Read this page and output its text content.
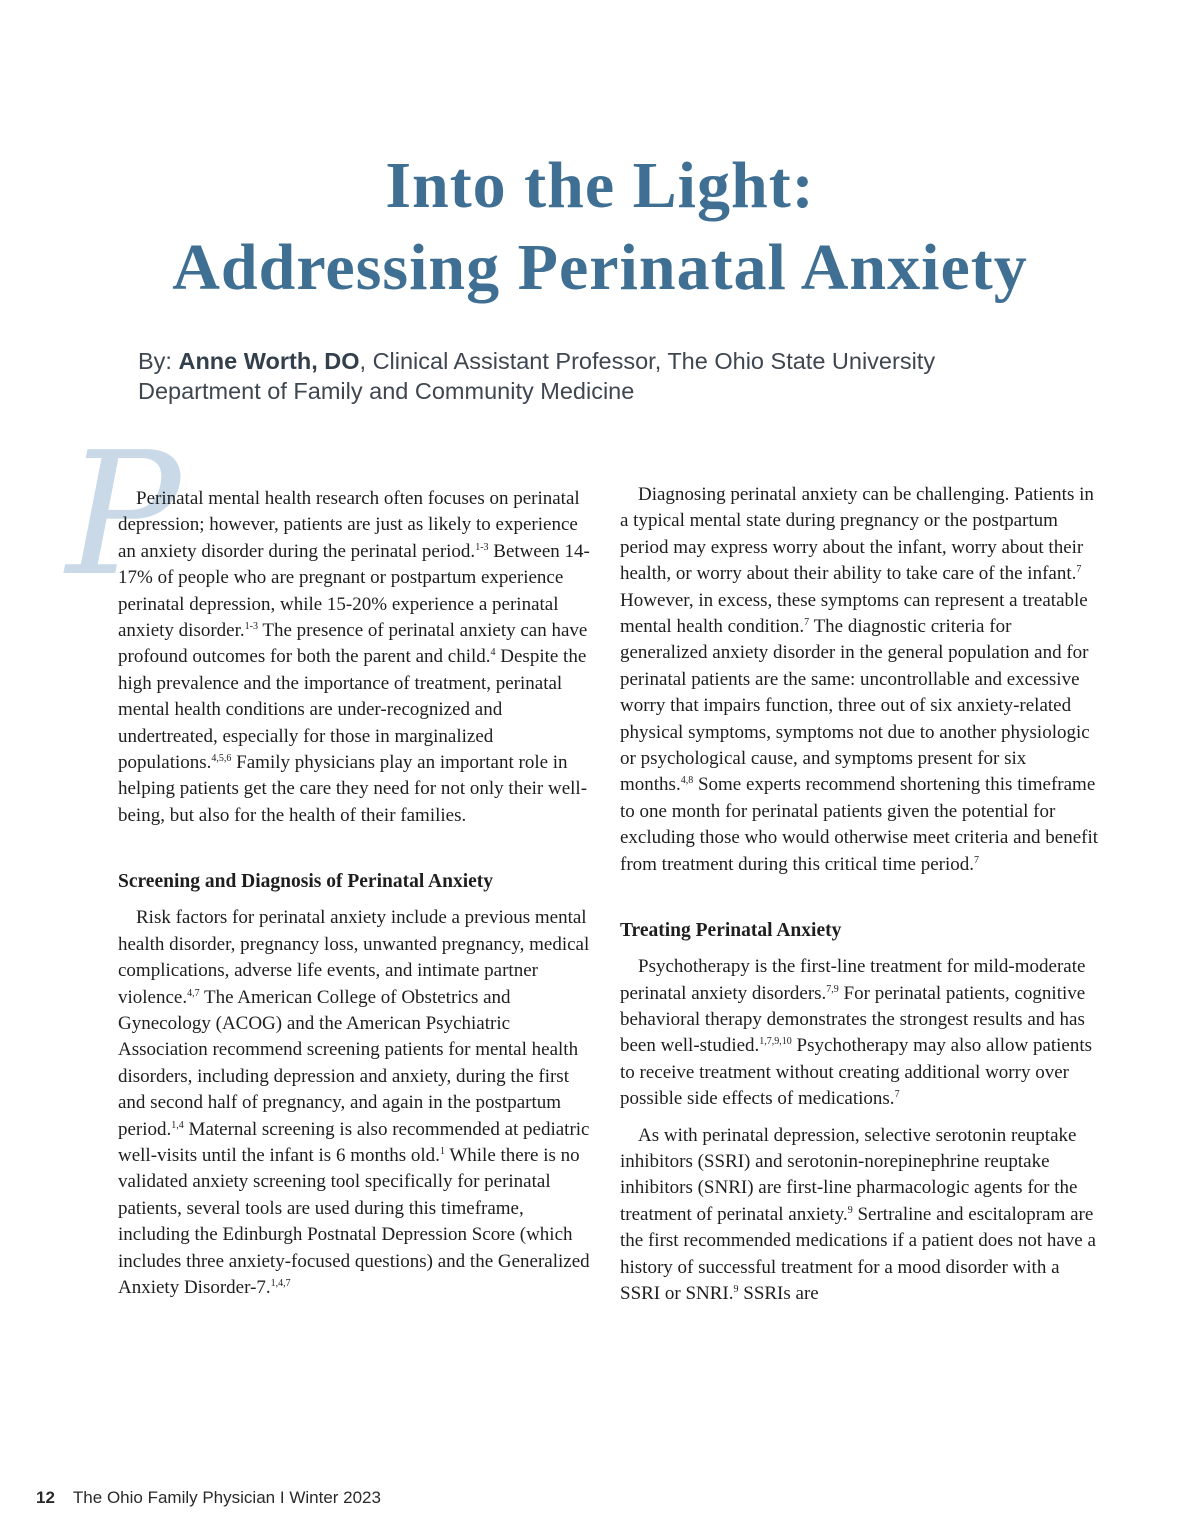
Into the Light:
Addressing Perinatal Anxiety
By: Anne Worth, DO, Clinical Assistant Professor, The Ohio State University
Department of Family and Community Medicine
P

Perinatal mental health research often focuses on perinatal depression; however, patients are just as likely to experience an anxiety disorder during the perinatal period.$^{1-3}$ Between 14-17% of people who are pregnant or postpartum experience perinatal depression, while 15-20% experience a perinatal anxiety disorder.$^{1-3}$ The presence of perinatal anxiety can have profound outcomes for both the parent and child.$^4$ Despite the high prevalence and the importance of treatment, perinatal mental health conditions are under-recognized and undertreated, especially for those in marginalized populations.$^{4,5,6}$ Family physicians play an important role in helping patients get the care they need for not only their well-being, but also for the health of their families.

Screening and Diagnosis of Perinatal Anxiety

Risk factors for perinatal anxiety include a previous mental health disorder, pregnancy loss, unwanted pregnancy, medical complications, adverse life events, and intimate partner violence.$^{4,7}$ The American College of Obstetrics and Gynecology (ACOG) and the American Psychiatric Association recommend screening patients for mental health disorders, including depression and anxiety, during the first and second half of pregnancy, and again in the postpartum period.$^{1,4}$ Maternal screening is also recommended at pediatric well-visits until the infant is 6 months old.$^1$ While there is no validated anxiety screening tool specifically for perinatal patients, several tools are used during this timeframe, including the Edinburgh Postnatal Depression Score (which includes three anxiety-focused questions) and the Generalized Anxiety Disorder-7.$^{1,4,7}$

Diagnosing perinatal anxiety can be challenging. Patients in a typical mental state during pregnancy or the postpartum period may express worry about the infant, worry about their health, or worry about their ability to take care of the infant.$^7$ However, in excess, these symptoms can represent a treatable mental health condition.$^7$ The diagnostic criteria for generalized anxiety disorder in the general population and for perinatal patients are the same: uncontrollable and excessive worry that impairs function, three out of six anxiety-related physical symptoms, symptoms not due to another physiologic or psychological cause, and symptoms present for six months.$^{4,8}$ Some experts recommend shortening this timeframe to one month for perinatal patients given the potential for excluding those who would otherwise meet criteria and benefit from treatment during this critical time period.$^7$

Treating Perinatal Anxiety

Psychotherapy is the first-line treatment for mild-moderate perinatal anxiety disorders.$^{7,9}$ For perinatal patients, cognitive behavioral therapy demonstrates the strongest results and has been well-studied.$^{1,7,9,10}$ Psychotherapy may also allow patients to receive treatment without creating additional worry over possible side effects of medications.$^7$

As with perinatal depression, selective serotonin reuptake inhibitors (SSRI) and serotonin-norepinephrine reuptake inhibitors (SNRI) are first-line pharmacologic agents for the treatment of perinatal anxiety.$^9$ Sertraline and escitalopram are the first recommended medications if a patient does not have a history of successful treatment for a mood disorder with a SSRI or SNRI.$^9$ SSRIs are

12 The Ohio Family Physician I Winter 2023
